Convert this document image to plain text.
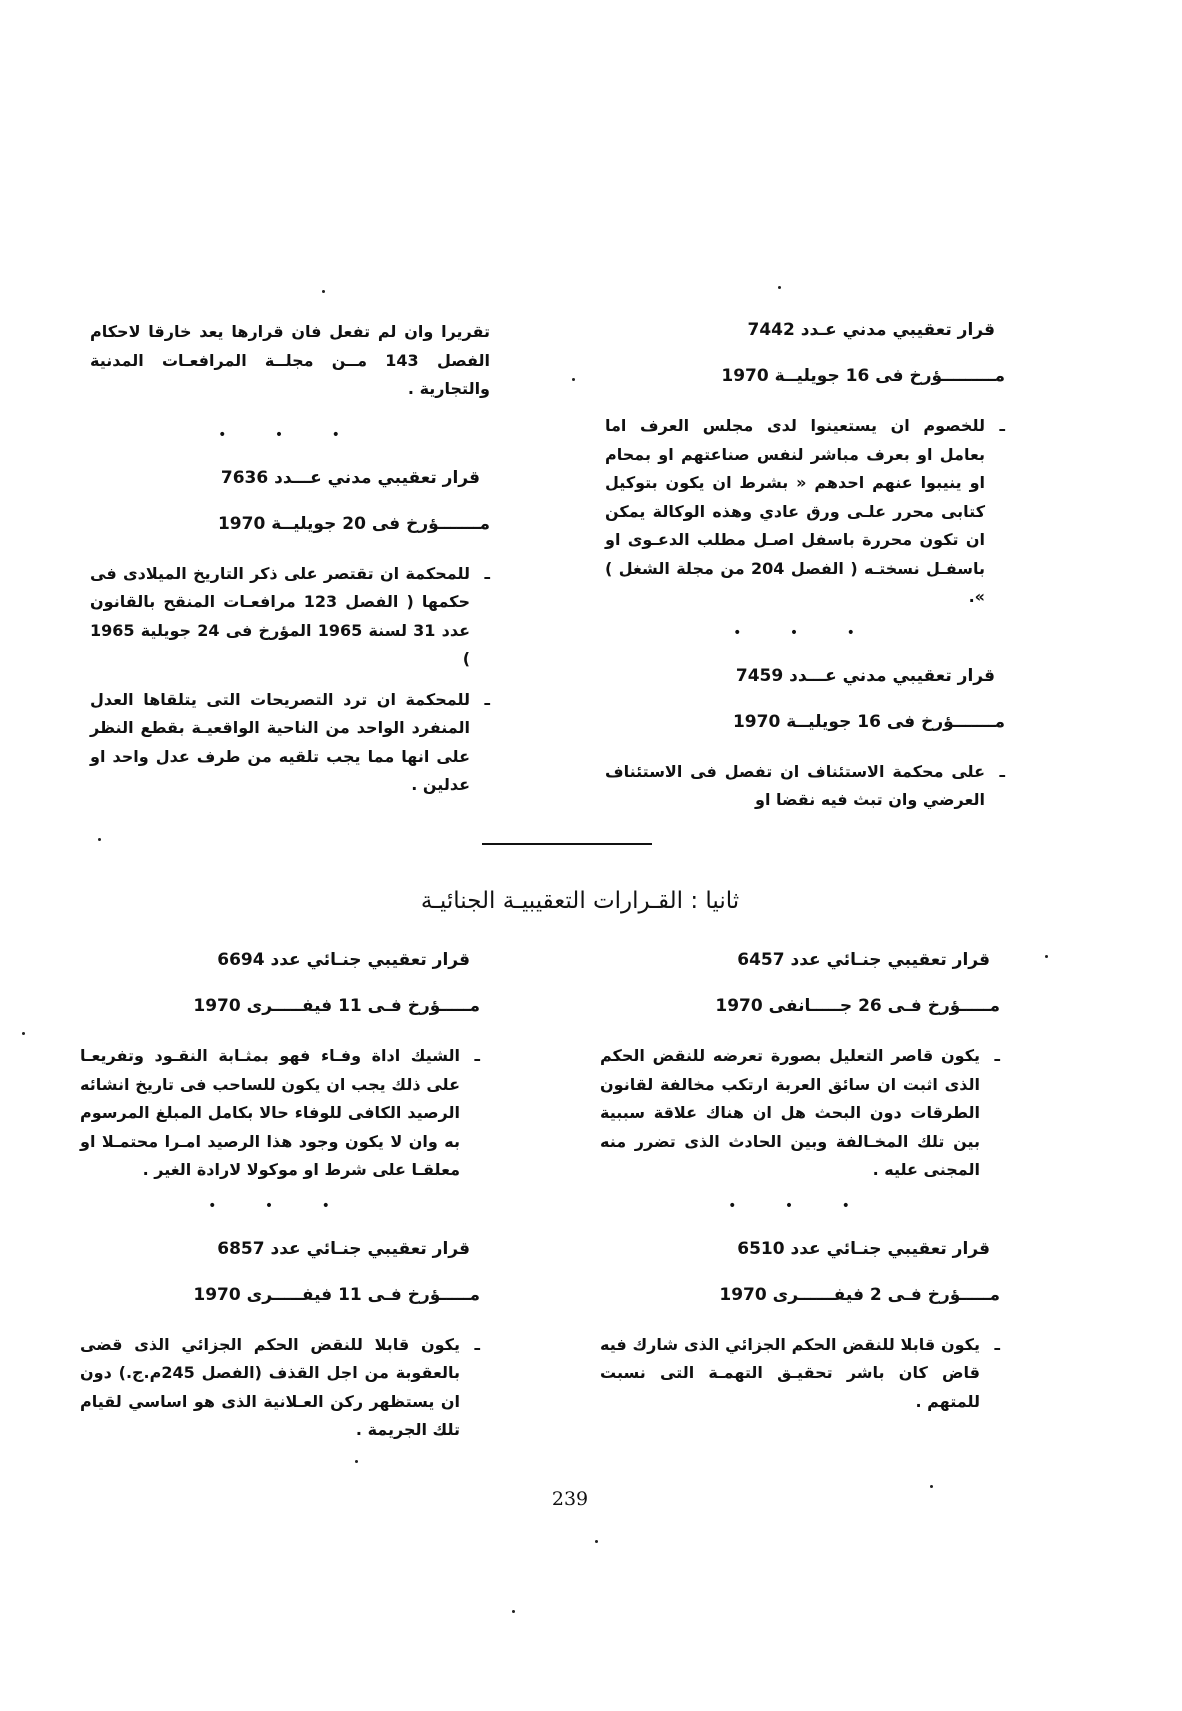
قرار تعقيبي مدني عـدد 7442
مـــــــــؤرخ فى 16 جويليــة 1970
ـ
للخصوم ان يستعينوا لدى مجلس العرف اما بعامل او بعرف مباشر لنفس صناعتهم او بمحام او ينيبوا عنهم احدهم « بشرط ان يكون بتوكيل كتابى محرر علـى ورق عادي وهذه الوكالة يمكن ان تكون محررة باسفل اصـل مطلب الدعـوى او باسفـل نسختـه ( الفصل 204 من مجلة الشغل ) ».
• • •
قرار تعقيبي مدني عـــدد 7459
مـــــــؤرخ فى 16 جويليــة 1970
ـ
على محكمة الاستئناف ان تفصل فى الاستئناف العرضي وان تبث فيه نقضا او
تقريرا وان لم تفعل فان قرارها يعد خارقا لاحكام الفصل 143 مــن مجلــة المرافعـات المدنية والتجارية .
• • •
قرار تعقيبي مدني عـــدد 7636
مـــــــؤرخ فى 20 جويليــة 1970
ـ
للمحكمة ان تقتصر على ذكر التاريخ الميلادى فى حكمها ( الفصل 123 مرافعـات المنقح بالقانون عدد 31 لسنة 1965 المؤرخ فى 24 جويلية 1965 )
ـ
للمحكمة ان ترد التصريحات التى يتلقاها العدل المنفرد الواحد من الناحية الواقعيـة بقطع النظر على انها مما يجب تلقيه من طرف عدل واحد او عدلين .
ثانيا : القـرارات التعقيبيـة الجنائيـة
قرار تعقيبي جنـائي عدد 6457
مـــــؤرخ فـى 26 جـــــانفى 1970
ـ
يكون قاصر التعليل بصورة تعرضه للنقض الحكم الذى اثبت ان سائق العربة ارتكب مخالفة لقانون الطرقات دون البحث هل ان هناك علاقة سببية بين تلك المخـالفة وبين الحادث الذى تضرر منه المجنى عليه .
• • •
قرار تعقيبي جنـائي عدد 6510
مـــــؤرخ فـى 2 فيفــــــرى 1970
ـ
يكون قابلا للنقض الحكم الجزائي الذى شارك فيه قاض كان باشر تحقيـق التهمـة التى نسبت للمتهم .
قرار تعقيبي جنـائي عدد 6694
مـــــؤرخ فـى 11 فيفـــــرى 1970
ـ
الشيك اداة وفـاء فهو بمثـابة النقـود وتفريعـا على ذلك يجب ان يكون للساحب فى تاريخ انشائه الرصيد الكافى للوفاء حالا بكامل المبلغ المرسوم به وان لا يكون وجود هذا الرصيد امـرا محتمـلا او معلقـا على شرط او موكولا لارادة الغير .
• • •
قرار تعقيبي جنـائي عدد 6857
مـــــؤرخ فـى 11 فيفـــــرى 1970
ـ
يكون قابلا للنقض الحكم الجزائي الذى قضى بالعقوبة من اجل القذف (الفصل 245م.ج.) دون ان يستظهر ركن العـلانية الذى هو اساسي لقيام تلك الجريمة .
239
